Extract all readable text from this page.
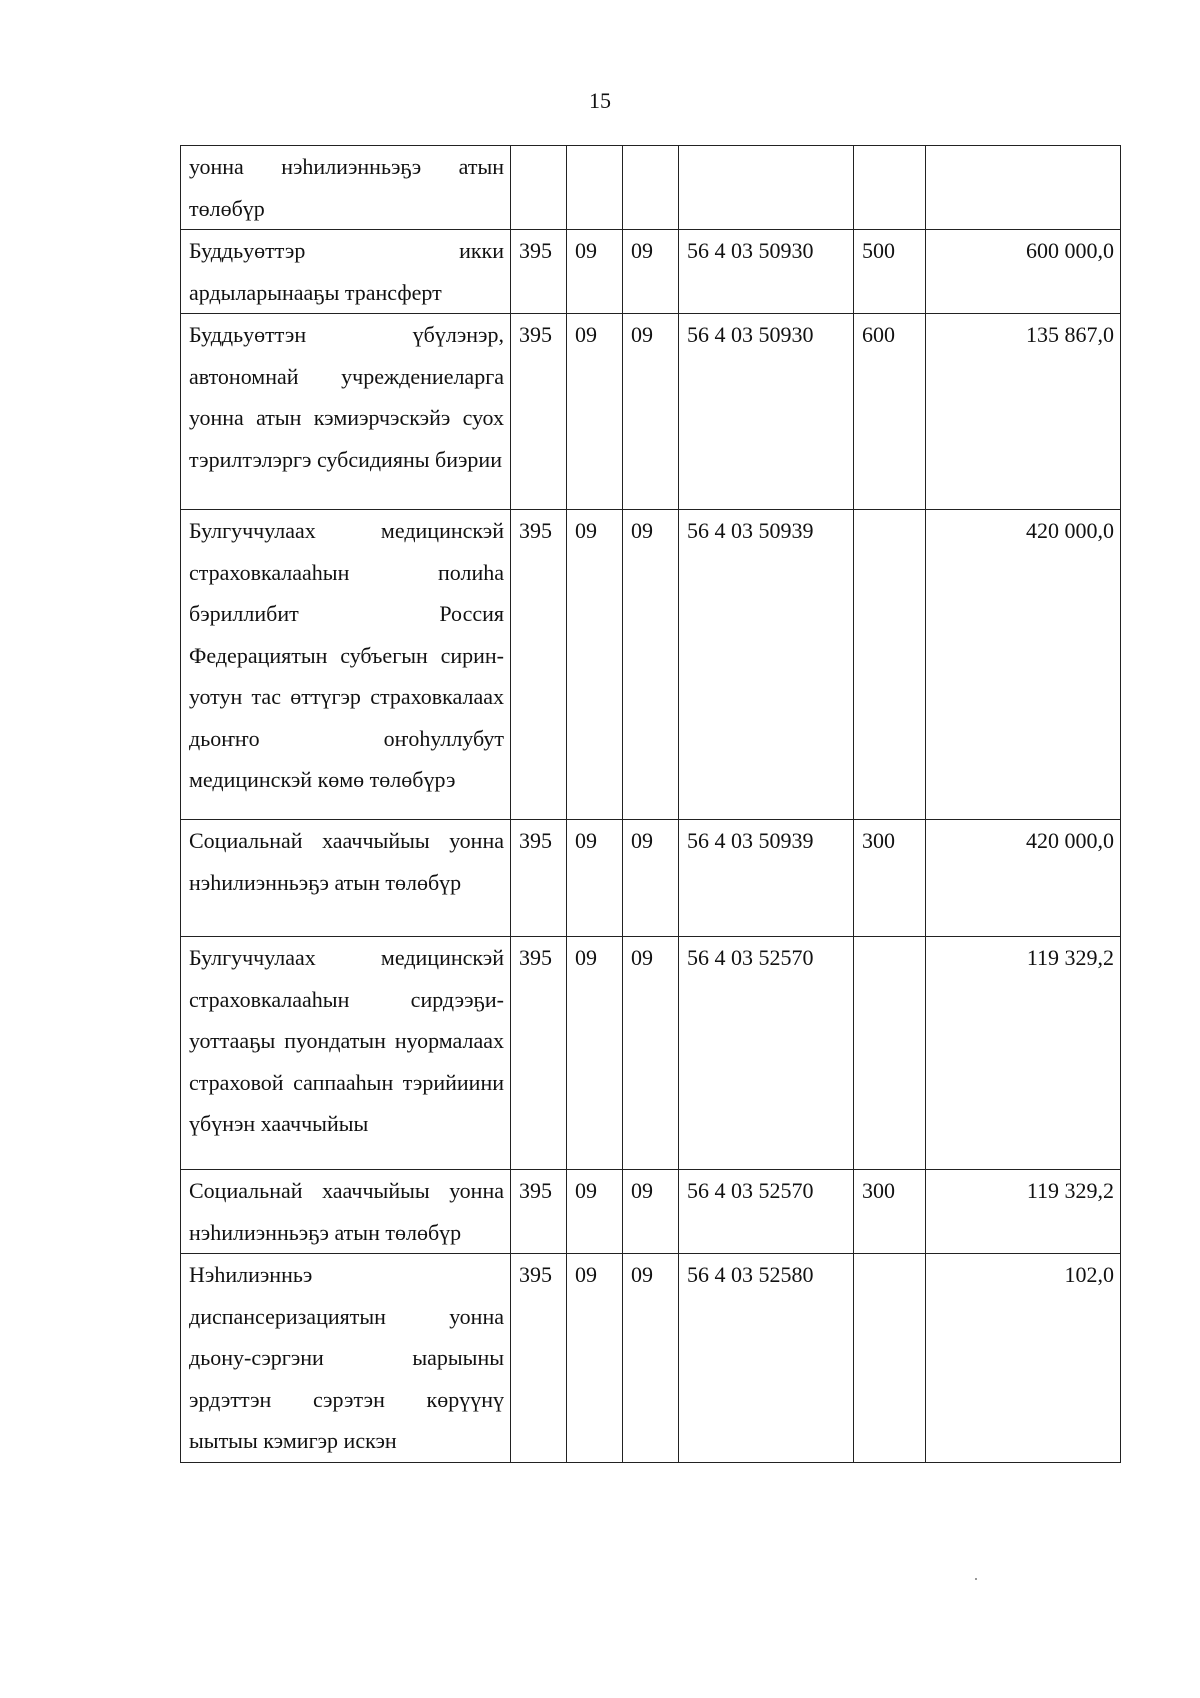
15
уонна нэһилиэнньэҕэ атын төлөбүр						
Буддьуөттэр икки ардыларынааҕы трансферт	395	09	09	56 4 03 50930	500	600 000,0
Буддьуөттэн үбүлэнэр, автономнай учреждениеларга уонна атын кэмиэрчэскэйэ суох тэрилтэлэргэ субсидияны биэрии	395	09	09	56 4 03 50930	600	135 867,0
Булгуччулаах медицинскэй страховкалааһын полиһа бэриллибит Россия Федерациятын субъегын сирин-уотун тас өттүгэр страховкалаах дьоҥҥо оҥоһуллубут медицинскэй көмө төлөбүрэ	395	09	09	56 4 03 50939		420 000,0
Социальнай хааччыйыы уонна нэһилиэнньэҕэ атын төлөбүр	395	09	09	56 4 03 50939	300	420 000,0
Булгуччулаах медицинскэй страховкалааһын сирдээҕи-уоттааҕы пуондатын нуормалаах страховой саппааһын тэрийиини үбүнэн хааччыйыы	395	09	09	56 4 03 52570		119 329,2
Социальнай хааччыйыы уонна нэһилиэнньэҕэ атын төлөбүр	395	09	09	56 4 03 52570	300	119 329,2
Нэһилиэнньэ диспансеризациятын уонна дьону-сэргэни ыарыыны эрдэттэн сэрэтэн көрүүнү ыытыы кэмигэр искэн	395	09	09	56 4 03 52580		102,0
